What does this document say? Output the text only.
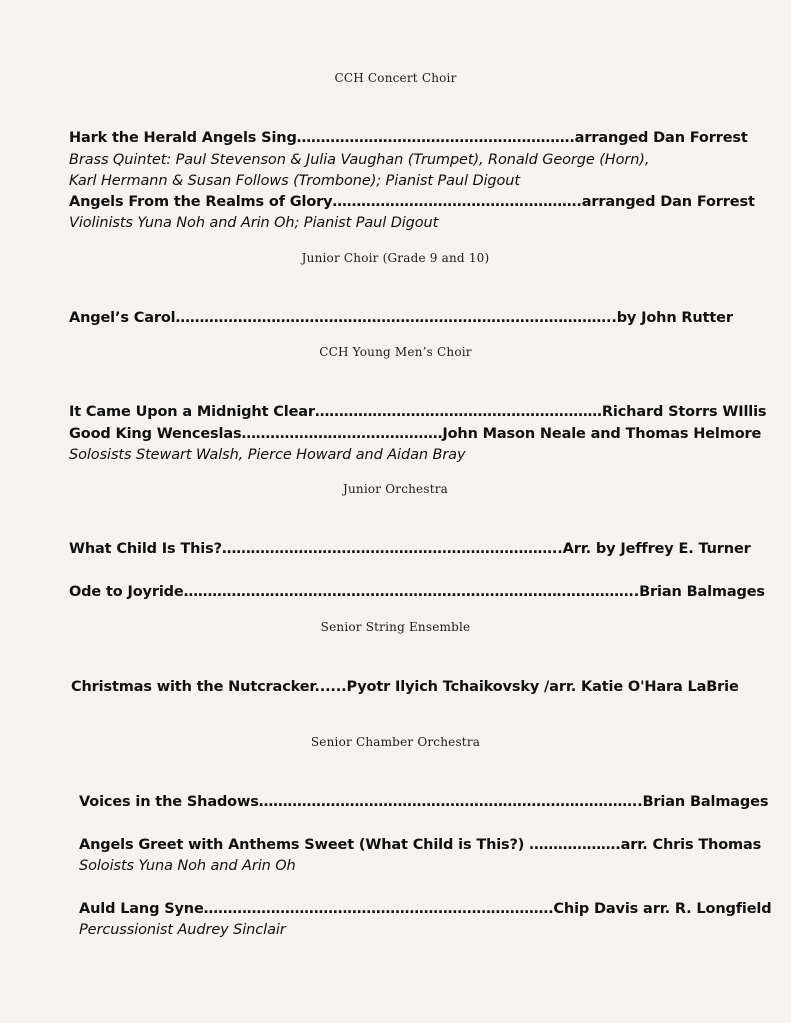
CCH Concert Choir
Hark the Herald Angels Sing………………………………………………….arranged Dan Forrest
Brass Quintet: Paul Stevenson & Julia Vaughan (Trumpet), Ronald George (Horn),
Karl Hermann & Susan Follows (Trombone); Pianist Paul Digout
Angels From the Realms of Glory…………………………………………….arranged Dan Forrest
Violinists Yuna Noh and Arin Oh; Pianist Paul Digout
Junior Choir (Grade 9 and 10)
Angel’s Carol………………………………………………………………………………..by John Rutter
CCH Young Men’s Choir
It Came Upon a Midnight Clear……………………………………………………Richard Storrs WIllis
Good King Wenceslas……………………………………John Mason Neale and Thomas Helmore
Solosists Stewart Walsh, Pierce Howard and Aidan Bray
Junior Orchestra
What Child Is This?……………………………………………………………..Arr. by Jeffrey E. Turner
Ode to Joyride…………………………………………………………………………………..Brian Balmages
Senior String Ensemble
Christmas with the Nutcracker......Pyotr Ilyich Tchaikovsky /arr. Katie O'Hara LaBrie
Senior Chamber Orchestra
Voices in the Shadows……………………………………………………………………..Brian Balmages
Angels Greet with Anthems Sweet (What Child is This?) ……………….arr. Chris Thomas
Soloists Yuna Noh and Arin Oh
Auld Lang Syne……………………………………………………………….Chip Davis arr. R. Longfield
Percussionist Audrey Sinclair
